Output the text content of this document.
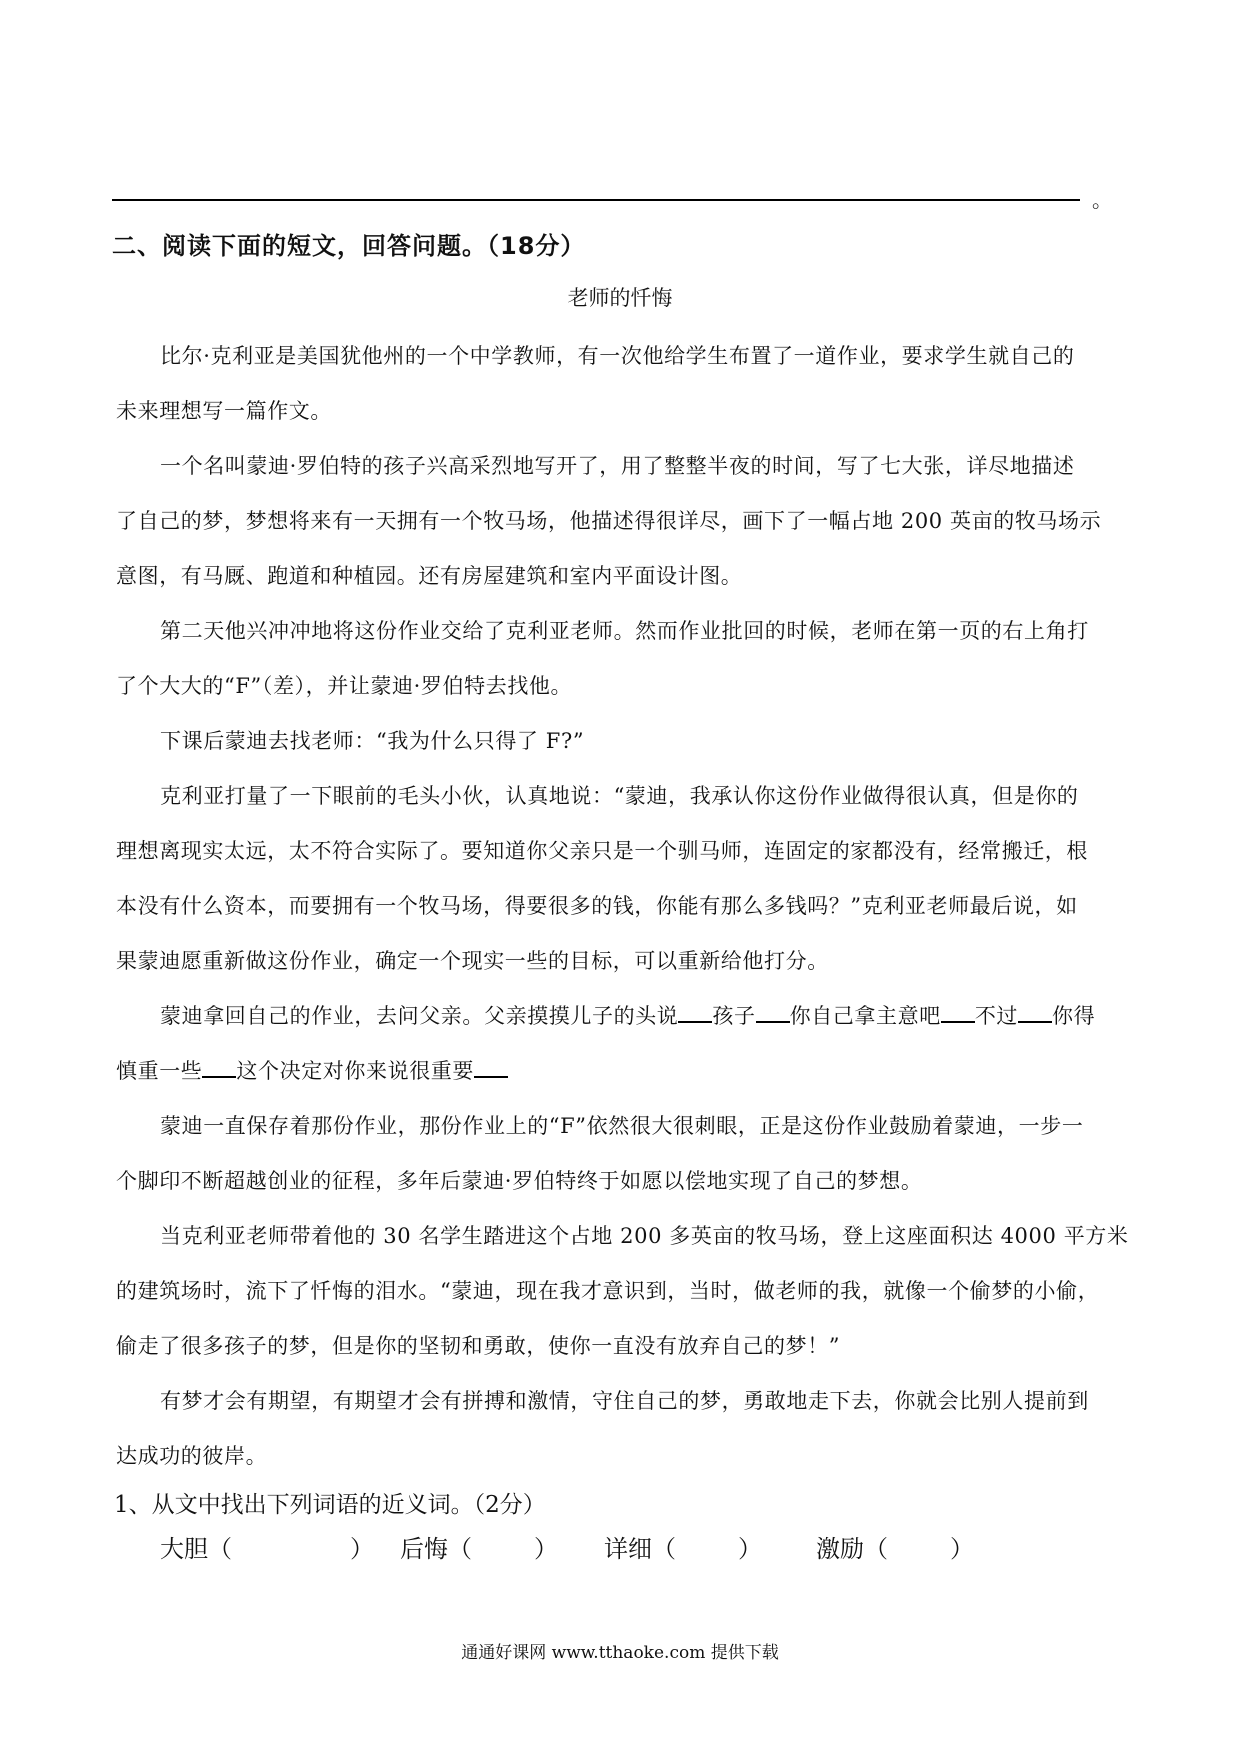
。
二、阅读下面的短文，回答问题。（18分）
老师的忏悔
比尔·克利亚是美国犹他州的一个中学教师，有一次他给学生布置了一道作业，要求学生就自己的
未来理想写一篇作文。
一个名叫蒙迪·罗伯特的孩子兴高采烈地写开了，用了整整半夜的时间，写了七大张，详尽地描述
了自己的梦，梦想将来有一天拥有一个牧马场，他描述得很详尽，画下了一幅占地 200 英亩的牧马场示
意图，有马厩、跑道和种植园。还有房屋建筑和室内平面设计图。
第二天他兴冲冲地将这份作业交给了克利亚老师。然而作业批回的时候，老师在第一页的右上角打
了个大大的“F”（差），并让蒙迪·罗伯特去找他。
下课后蒙迪去找老师：“我为什么只得了 F?”
克利亚打量了一下眼前的毛头小伙，认真地说：“蒙迪，我承认你这份作业做得很认真，但是你的
理想离现实太远，太不符合实际了。要知道你父亲只是一个驯马师，连固定的家都没有，经常搬迁，根
本没有什么资本，而要拥有一个牧马场，得要很多的钱，你能有那么多钱吗？”克利亚老师最后说，如
果蒙迪愿重新做这份作业，确定一个现实一些的目标，可以重新给他打分。
蒙迪拿回自己的作业，去问父亲。父亲摸摸儿子的头说 孩子 你自己拿主意吧 不过 你得
慎重一些 这个决定对你来说很重要
蒙迪一直保存着那份作业，那份作业上的“F”依然很大很刺眼，正是这份作业鼓励着蒙迪，一步一
个脚印不断超越创业的征程，多年后蒙迪·罗伯特终于如愿以偿地实现了自己的梦想。
当克利亚老师带着他的 30 名学生踏进这个占地 200 多英亩的牧马场，登上这座面积达 4000 平方米
的建筑场时，流下了忏悔的泪水。“蒙迪，现在我才意识到，当时，做老师的我，就像一个偷梦的小偷，
偷走了很多孩子的梦，但是你的坚韧和勇敢，使你一直没有放弃自己的梦！”
有梦才会有期望，有期望才会有拼搏和激情，守住自己的梦，勇敢地走下去，你就会比别人提前到
达成功的彼岸。
1、从文中找出下列词语的近义词。（2分）
大胆（	） 后悔（	） 详细（	） 激励（	）
通通好课网 www.tthaoke.com 提供下载
